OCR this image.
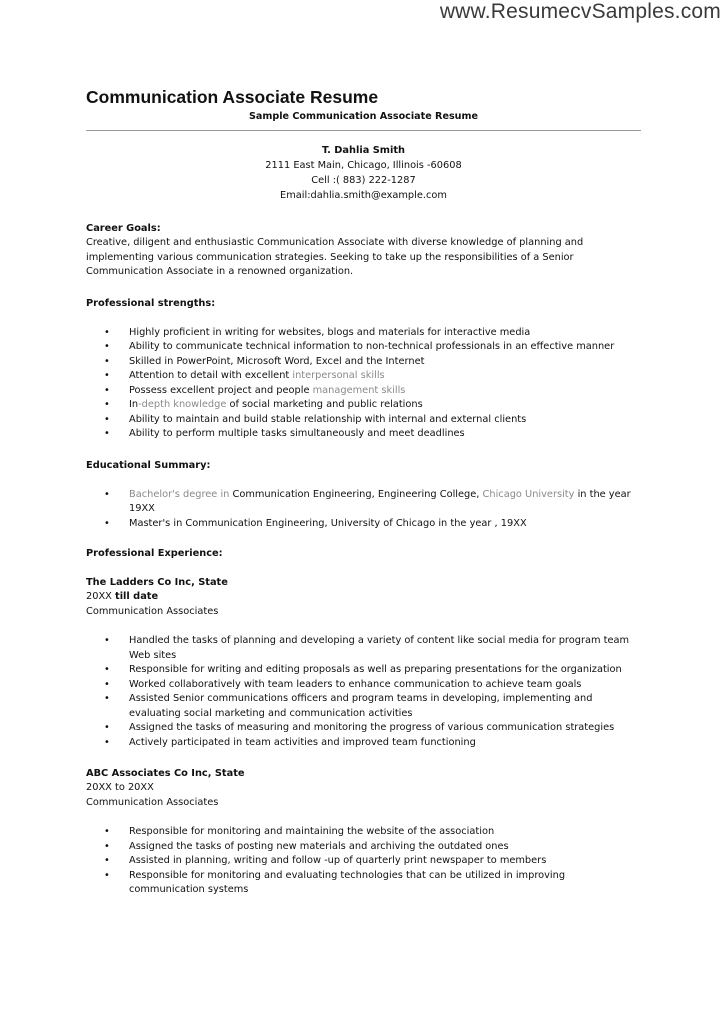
www.ResumecvSamples.com
Communication Associate Resume
Sample Communication Associate Resume
T. Dahlia Smith
2111 East Main, Chicago, Illinois -60608
Cell :( 883) 222-1287
Email:dahlia.smith@example.com
Career Goals:
Creative, diligent and enthusiastic Communication Associate with diverse knowledge of planning and
implementing various communication strategies. Seeking to take up the responsibilities of a Senior
Communication Associate in a renowned organization.
Professional strengths:
• Highly proficient in writing for websites, blogs and materials for interactive media
• Ability to communicate technical information to non-technical professionals in an effective manner
• Skilled in PowerPoint, Microsoft Word, Excel and the Internet
• Attention to detail with excellent interpersonal skills
• Possess excellent project and people management skills
• In-depth knowledge of social marketing and public relations
• Ability to maintain and build stable relationship with internal and external clients
• Ability to perform multiple tasks simultaneously and meet deadlines
Educational Summary:
• Bachelor's degree in Communication Engineering, Engineering College, Chicago University in the year
19XX
• Master's in Communication Engineering, University of Chicago in the year , 19XX
Professional Experience:
The Ladders Co Inc, State
20XX till date
Communication Associates
• Handled the tasks of planning and developing a variety of content like social media for program team
Web sites
• Responsible for writing and editing proposals as well as preparing presentations for the organization
• Worked collaboratively with team leaders to enhance communication to achieve team goals
• Assisted Senior communications officers and program teams in developing, implementing and
evaluating social marketing and communication activities
• Assigned the tasks of measuring and monitoring the progress of various communication strategies
• Actively participated in team activities and improved team functioning
ABC Associates Co Inc, State
20XX to 20XX
Communication Associates
• Responsible for monitoring and maintaining the website of the association
• Assigned the tasks of posting new materials and archiving the outdated ones
• Assisted in planning, writing and follow -up of quarterly print newspaper to members
• Responsible for monitoring and evaluating technologies that can be utilized in improving
communication systems
